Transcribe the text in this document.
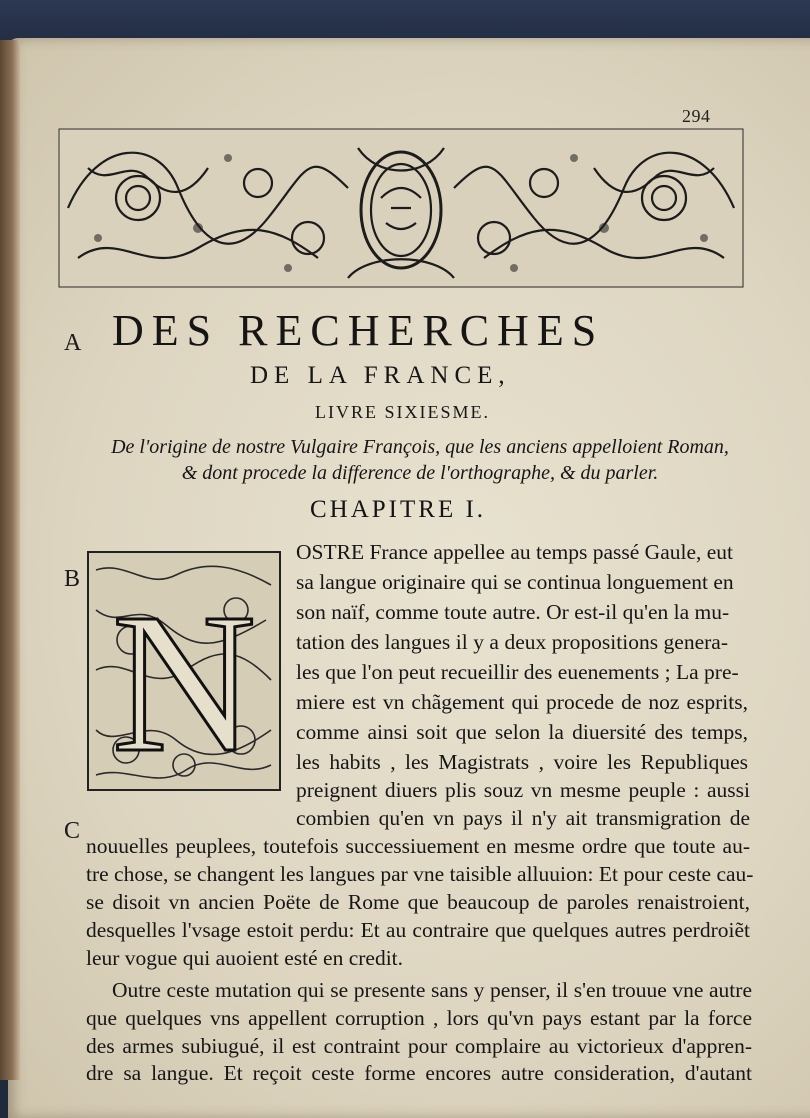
294
A DES RECHERCHES
DE LA FRANCE,
LIVRE SIXIESME.
De l'origine de nostre Vulgaire François, que les anciens appelloient Roman,
& dont procede la difference de l'orthographe, & du parler.
CHAPITRE I.
B N
OSTRE France appellee au temps passé Gaule, eut
sa langue originaire qui se continua longuement en
son naïf, comme toute autre. Or est-il qu'en la mu-
tation des langues il y a deux propositions genera-
les que l'on peut recueillir des euenements ; La pre-
miere est vn chãgement qui procede de noz esprits,
comme ainsi soit que selon la diuersité des temps,
les habits , les Magistrats , voire les Republiques
preignent diuers plis souz vn mesme peuple : aussi
combien qu'en vn pays il n'y ait transmigration de
C
nouuelles peuplees, toutefois successiuement en mesme ordre que toute au-
tre chose, se changent les langues par vne taisible alluuion: Et pour ceste cau-
se disoit vn ancien Poëte de Rome que beaucoup de paroles renaistroient,
desquelles l'vsage estoit perdu: Et au contraire que quelques autres perdroiẽt
leur vogue qui auoient esté en credit.
Outre ceste mutation qui se presente sans y penser, il s'en trouue vne autre
que quelques vns appellent corruption , lors qu'vn pays estant par la force
des armes subiugué, il est contraint pour complaire au victorieux d'appren-
dre sa langue. Et reçoit ceste forme encores autre consideration, d'autant
